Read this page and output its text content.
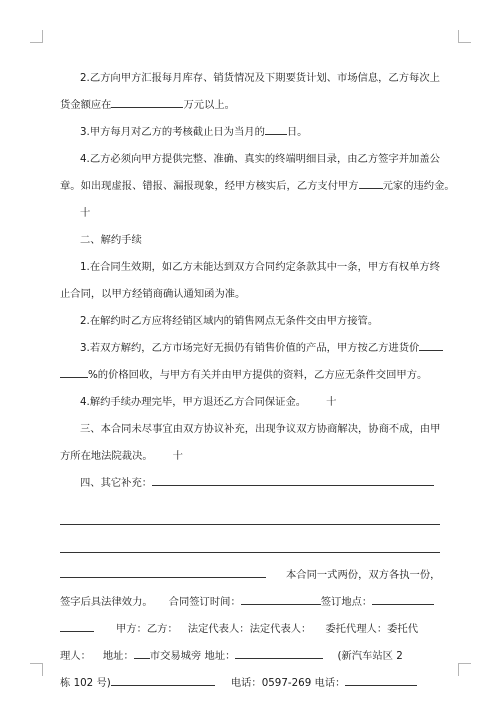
2.乙方向甲方汇报每月库存、销货情况及下期要货计划、市场信息，乙方每次上

货金额应在	万元以上。

3.甲方每月对乙方的考核截止日为当月的 日。

4.乙方必须向甲方提供完整、准确、真实的终端明细目录，由乙方签字并加盖公

章。如出现虚报、错报、漏报现象，经甲方核实后，乙方支付甲方 元家的违约金。

十

二、解约手续

1.在合同生效期，如乙方未能达到双方合同约定条款其中一条，甲方有权单方终止合同，以甲方经销商确认通知函为准。

2.在解约时乙方应将经销区域内的销售网点无条件交由甲方接管。

3.若双方解约，乙方市场完好无损仍有销售价值的产品，甲方按乙方进货价

%的价格回收，与甲方有关并由甲方提供的资料，乙方应无条件交回甲方。

4.解约手续办理完毕，甲方退还乙方合同保证金。 十

三、本合同未尽事宜由双方协议补充，出现争议双方协商解决，协商不成，由甲

方所在地法院裁决。 十

四、其它补充：

本合同一式两份，双方各执一份，

签字后具法律效力。 合同签订时间：	签订地点：

甲方：乙方： 法定代表人：法定代表人： 委托代理人：委托代

理人： 地址： 市交易城旁 地址：	(新汽车站区 2

栋 102 号)	电话：0597-269 电话：
